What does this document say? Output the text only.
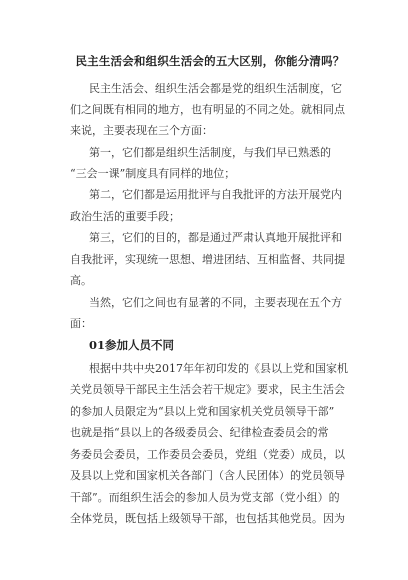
民主生活会和组织生活会的五大区别，你能分清吗？
民主生活会、组织生活会都是党的组织生活制度，它
们之间既有相同的地方，也有明显的不同之处。就相同点
来说，主要表现在三个方面：
第一，它们都是组织生活制度，与我们早已熟悉的
“三会一课”制度具有同样的地位；
第二，它们都是运用批评与自我批评的方法开展党内
政治生活的重要手段；
第三，它们的目的，都是通过严肃认真地开展批评和
自我批评，实现统一思想、增进团结、互相监督、共同提
高。
当然，它们之间也有显著的不同，主要表现在五个方
面：
01参加人员不同
根据中共中央2017年年初印发的《县以上党和国家机
关党员领导干部民主生活会若干规定》要求，民主生活会
的参加人员限定为“县以上党和国家机关党员领导干部”
也就是指“县以上的各级委员会、纪律检查委员会的常
务委员会委员，工作委员会委员，党组（党委）成员，以
及县以上党和国家机关各部门（含人民团体）的党员领导
干部”。而组织生活会的参加人员为党支部（党小组）的
全体党员，既包括上级领导干部，也包括其他党员。因为
